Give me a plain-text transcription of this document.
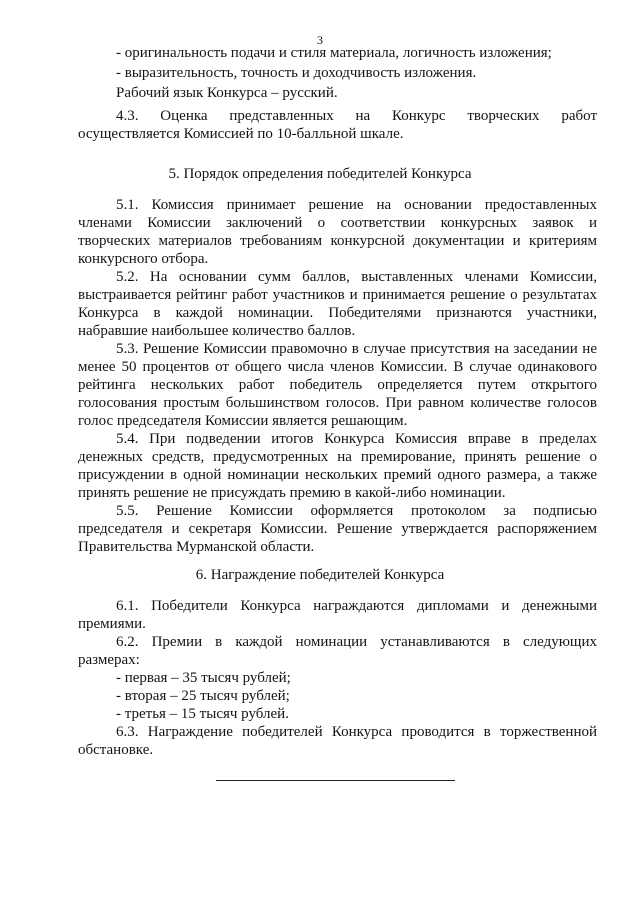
3
- оригинальность подачи и стиля материала, логичность изложения;
- выразительность, точность и доходчивость изложения.
Рабочий язык Конкурса – русский.
4.3. Оценка представленных на Конкурс творческих работ
осуществляется Комиссией по 10-балльной шкале.
5. Порядок определения победителей Конкурса
5.1. Комиссия принимает решение на основании предоставленных
членами Комиссии заключений о соответствии конкурсных заявок и
творческих материалов требованиям конкурсной документации и критериям
конкурсного отбора.
5.2. На основании сумм баллов, выставленных членами Комиссии,
выстраивается рейтинг работ участников и принимается решение о результатах
Конкурса в каждой номинации. Победителями признаются участники,
набравшие наибольшее количество баллов.
5.3. Решение Комиссии правомочно в случае присутствия на заседании не
менее 50 процентов от общего числа членов Комиссии. В случае одинакового
рейтинга нескольких работ победитель определяется путем открытого
голосования простым большинством голосов. При равном количестве голосов
голос председателя Комиссии является решающим.
5.4. При подведении итогов Конкурса Комиссия вправе в пределах
денежных средств, предусмотренных на премирование, принять решение о
присуждении в одной номинации нескольких премий одного размера, а также
принять решение не присуждать премию в какой-либо номинации.
5.5. Решение Комиссии оформляется протоколом за подписью
председателя и секретаря Комиссии. Решение утверждается распоряжением
Правительства Мурманской области.
6. Награждение победителей Конкурса
6.1. Победители Конкурса награждаются дипломами и денежными
премиями.
6.2. Премии в каждой номинации устанавливаются в следующих
размерах:
- первая – 35 тысяч рублей;
- вторая – 25 тысяч рублей;
- третья – 15 тысяч рублей.
6.3. Награждение победителей Конкурса проводится в торжественной
обстановке.
